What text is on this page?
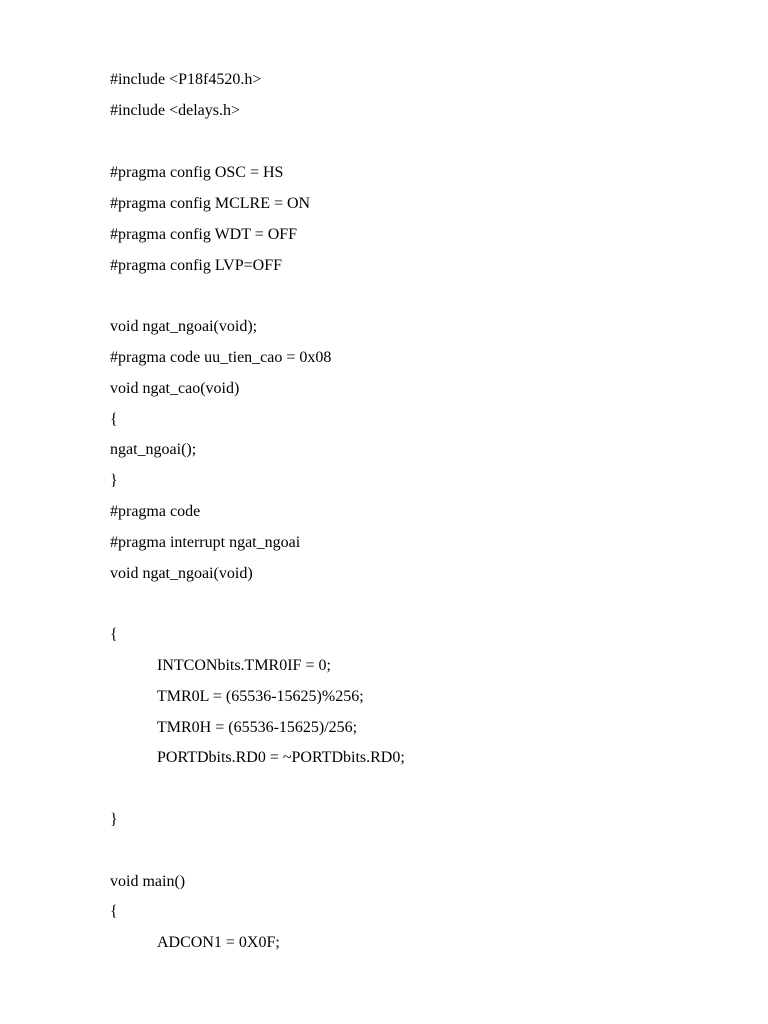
#include <P18f4520.h>
#include <delays.h>
#pragma config OSC = HS
#pragma config MCLRE = ON
#pragma config WDT = OFF
#pragma config LVP=OFF
void ngat_ngoai(void);
#pragma code uu_tien_cao = 0x08
void ngat_cao(void)
{
ngat_ngoai();
}
#pragma code
#pragma interrupt ngat_ngoai
void ngat_ngoai(void)
{
INTCONbits.TMR0IF = 0;
TMR0L = (65536-15625)%256;
TMR0H = (65536-15625)/256;
PORTDbits.RD0 = ~PORTDbits.RD0;
}
void main()
{
ADCON1 = 0X0F;
